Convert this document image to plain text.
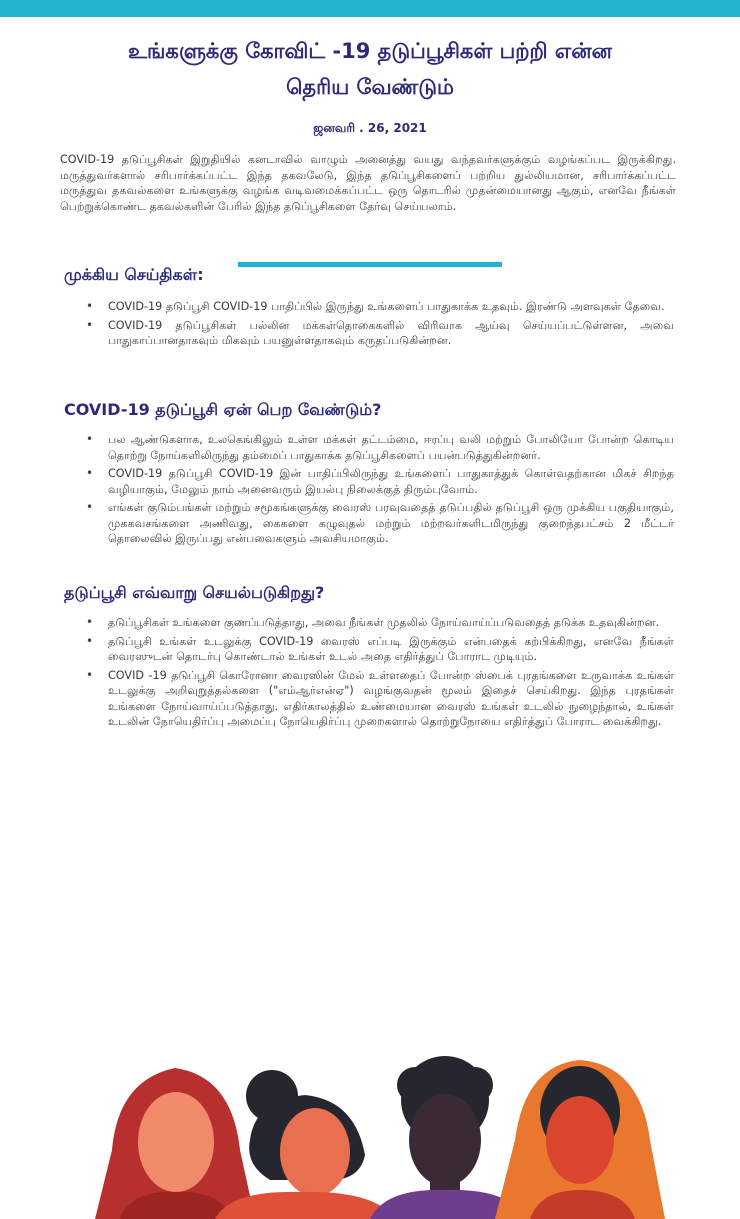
உங்களுக்கு கோவிட் -19 தடுப்பூசிகள் பற்றி என்ன
தெரிய வேண்டும்
ஜனவரி . 26, 2021

COVID-19 தடுப்பூசிகள் இறுதியில் கனடாவில் வாழும் அனைத்து வயது வந்தவர்களுக்கும் வழங்கப்பட இருக்கிறது. மருத்துவர்களால் சரிபார்க்கப்பட்ட இந்த தகவலேடு, இந்த தடுப்பூசிகளைப் பற்றிய துல்லியமான, சரிபார்க்கப்பட்ட மருத்துவ தகவல்களை உங்களுக்கு வழங்க வடிவமைக்கப்பட்ட ஒரு தொடரில் முதன்மையானது ஆகும், எனவே நீங்கள் பெற்றுக்கொண்ட தகவல்களின் பேரில் இந்த தடுப்பூசிகளை தேர்வு செய்யலாம்.

முக்கிய செய்திகள்:
• COVID-19 தடுப்பூசி COVID-19 பாதிப்பில் இருந்து உங்களைப் பாதுகாக்க உதவும். இரண்டு அளவுகள் தேவை.
• COVID-19 தடுப்பூசிகள் பல்லின மக்கள்தொகைகளில் விரிவாக ஆய்வு செய்யப்பட்டுள்ளன, அவை பாதுகாப்பானதாகவும் மிகவும் பயனுள்ளதாகவும் கருதப்படுகின்றன.
COVID-19 தடுப்பூசி ஏன் பெற வேண்டும்?
• பல ஆண்டுகளாக, உலகெங்கிலும் உள்ள மக்கள் தட்டம்மை, ஈரப்பு வலி மற்றும் போலியோ போன்ற கொடிய தொற்று நோய்களிலிருந்து தம்மைப் பாதுகாக்க தடுப்பூசிகளைப் பயன்படுத்துகின்றனர்.
• COVID-19 தடுப்பூசி COVID-19 இன் பாதிப்பிலிருந்து உங்களைப் பாதுகாத்துக் கொள்வதற்கான மிகச் சிறந்த வழியாகும், மேலும் நாம் அனைவரும் இயல்பு நிலைக்குத் திரும்புவோம்.
• எங்கள் குடும்பங்கள் மற்றும் சமூகங்களுக்கு வைரஸ் பரவுவதைத் தடுப்பதில் தடுப்பூசி ஒரு முக்கிய பகுதியாகும், முககவசங்களை அணிவது, கைகளை கழுவுதல் மற்றும் மற்றவர்களிடமிருந்து குறைந்தபட்சம் 2 மீட்டர் தொலைவில் இருப்பது என்பவைகளும் அவசியமாகும்.
தடுப்பூசி எவ்வாறு செயல்படுகிறது?
• தடுப்பூசிகள் உங்களை குணப்படுத்தாது, அவை நீங்கள் முதலில் நோய்வாய்ப்படுவதைத் தடுக்க உதவுகின்றன.
• தடுப்பூசி உங்கள் உடலுக்கு COVID-19 வைரஸ் எப்படி இருக்கும் என்பதைக் கற்பிக்கிறது, எனவே நீங்கள் வைரஸுடன் தொடர்பு கொண்டால் உங்கள் உடல் அதை எதிர்த்துப் போராட முடியும்.
• COVID -19 தடுப்பூசி கொரோனா வைரஸின் மேல் உள்ளதைப் போன்ற ஸ்பைக் புரதங்களை உருவாக்க உங்கள் உடலுக்கு அறிவுறுத்தல்களை ("எம்ஆர்என்ஏ") வழங்குவதன் மூலம் இதைச் செய்கிறது. இந்த புரதங்கள் உங்களை நோய்வாய்ப்படுத்தாது. எதிர்காலத்தில் உண்மையான வைரஸ் உங்கள் உடலில் நுழைந்தால், உங்கள் உடலின் நோயெதிர்ப்பு அமைப்பு நோயெதிர்ப்பு முறைகளால் தொற்றுநோயை எதிர்த்துப் போராட வைக்கிறது.
